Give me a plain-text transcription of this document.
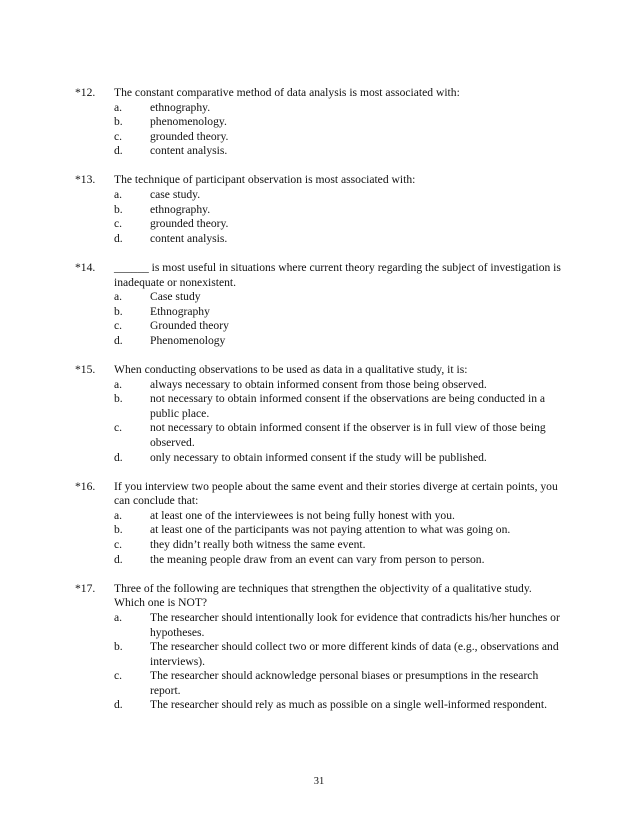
*12.	The constant comparative method of data analysis is most associated with:
a.	ethnography.
b.	phenomenology.
c.	grounded theory.
d.	content analysis.
*13.	The technique of participant observation is most associated with:
a.	case study.
b.	ethnography.
c.	grounded theory.
d.	content analysis.
*14.	______ is most useful in situations where current theory regarding the subject of investigation is inadequate or nonexistent.
a.	Case study
b.	Ethnography
c.	Grounded theory
d.	Phenomenology
*15.	When conducting observations to be used as data in a qualitative study, it is:
a.	always necessary to obtain informed consent from those being observed.
b.	not necessary to obtain informed consent if the observations are being conducted in a public place.
c.	not necessary to obtain informed consent if the observer is in full view of those being observed.
d.	only necessary to obtain informed consent if the study will be published.
*16.	If you interview two people about the same event and their stories diverge at certain points, you can conclude that:
a.	at least one of the interviewees is not being fully honest with you.
b.	at least one of the participants was not paying attention to what was going on.
c.	they didn’t really both witness the same event.
d.	the meaning people draw from an event can vary from person to person.
*17.	Three of the following are techniques that strengthen the objectivity of a qualitative study. Which one is NOT?
a.	The researcher should intentionally look for evidence that contradicts his/her hunches or hypotheses.
b.	The researcher should collect two or more different kinds of data (e.g., observations and interviews).
c.	The researcher should acknowledge personal biases or presumptions in the research report.
d.	The researcher should rely as much as possible on a single well-informed respondent.
31
